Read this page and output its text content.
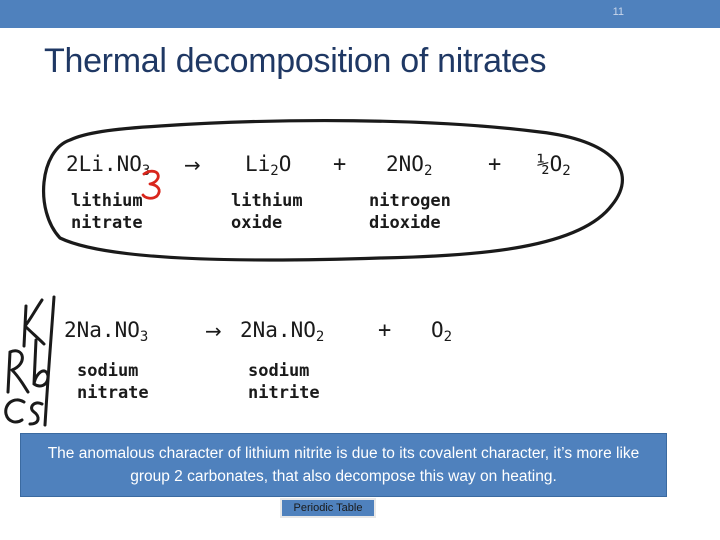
11
Thermal decomposition of nitrates
$2Li.NO_3 \to Li_2O + 2NO_2$	+ $\frac{1}{2}O_2$
lithium
nitrate
lithium
oxide
nitrogen
dioxide
$2Na.NO_3$	→ $2Na.NO_2 + O_2$
sodium
nitrate
sodium
nitrite
The anomalous character of lithium nitrite is due to its covalent character, it’s more like group 2 carbonates, that also decompose this way on heating.
Periodic Table
